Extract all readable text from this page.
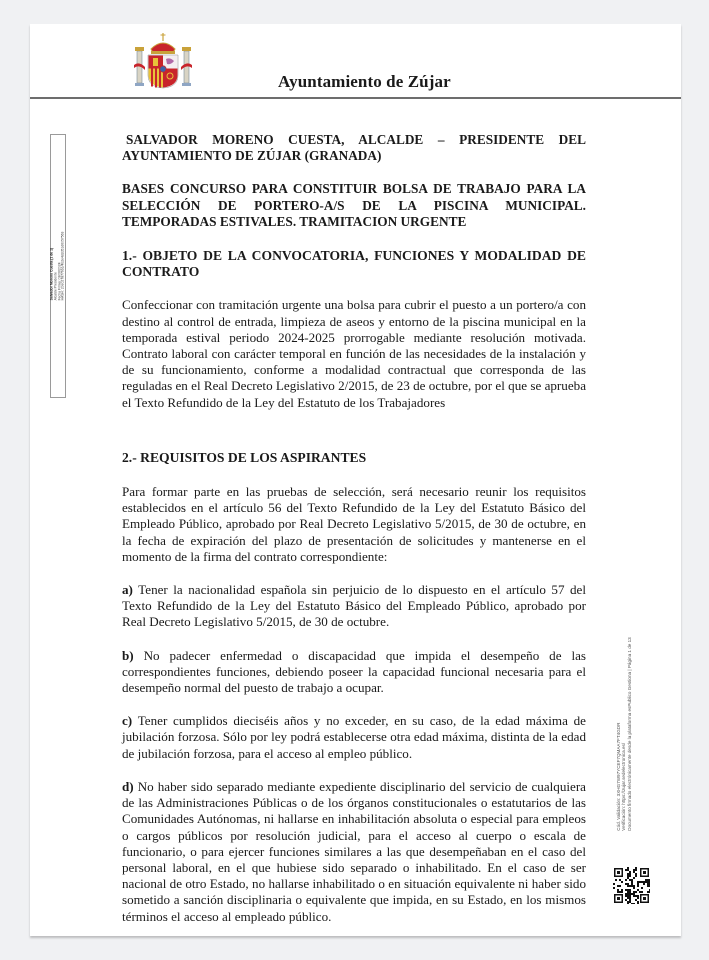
Ayuntamiento de Zújar
Salvador Moreno Cuesta (1 de 1)
Alcalde Presidente
Fecha Firma: 03/06/2024
HASH: 20e0278776b1/4b2e4d2d51d6057563

SALVADOR MORENO CUESTA, ALCALDE – PRESIDENTE DEL AYUNTAMIENTO DE ZÚJAR (GRANADA)

BASES CONCURSO PARA CONSTITUIR BOLSA DE TRABAJO PARA LA SELECCIÓN DE PORTERO-A/S DE LA PISCINA MUNICIPAL. TEMPORADAS ESTIVALES. TRAMITACION URGENTE

1.- OBJETO DE LA CONVOCATORIA, FUNCIONES Y MODALIDAD DE CONTRATO

Confeccionar con tramitación urgente una bolsa para cubrir el puesto a un portero/a con destino al control de entrada, limpieza de aseos y entorno de la piscina municipal en la temporada estival periodo 2024-2025 prorrogable mediante resolución motivada. Contrato laboral con carácter temporal en función de las necesidades de la instalación y de su funcionamiento, conforme a modalidad contractual que corresponda de las reguladas en el Real Decreto Legislativo 2/2015, de 23 de octubre, por el que se aprueba el Texto Refundido de la Ley del Estatuto de los Trabajadores

2.- REQUISITOS DE LOS ASPIRANTES

Para formar parte en las pruebas de selección, será necesario reunir los requisitos establecidos en el artículo 56 del Texto Refundido de la Ley del Estatuto Básico del Empleado Público, aprobado por Real Decreto Legislativo 5/2015, de 30 de octubre, en la fecha de expiración del plazo de presentación de solicitudes y mantenerse en el momento de la firma del contrato correspondiente:

a) Tener la nacionalidad española sin perjuicio de lo dispuesto en el artículo 57 del Texto Refundido de la Ley del Estatuto Básico del Empleado Público, aprobado por Real Decreto Legislativo 5/2015, de 30 de octubre.

b) No padecer enfermedad o discapacidad que impida el desempeño de las correspondientes funciones, debiendo poseer la capacidad funcional necesaria para el desempeño normal del puesto de trabajo a ocupar.

c) Tener cumplidos dieciséis años y no exceder, en su caso, de la edad máxima de jubilación forzosa. Sólo por ley podrá establecerse otra edad máxima, distinta de la edad de jubilación forzosa, para el acceso al empleo público.

d) No haber sido separado mediante expediente disciplinario del servicio de cualquiera de las Administraciones Públicas o de los órganos constitucionales o estatutarios de las Comunidades Autónomas, ni hallarse en inhabilitación absoluta o especial para empleos o cargos públicos por resolución judicial, para el acceso al cuerpo o escala de funcionario, o para ejercer funciones similares a las que desempeñaban en el caso del personal laboral, en el que hubiese sido separado o inhabilitado. En el caso de ser nacional de otro Estado, no hallarse inhabilitado o en situación equivalente ni haber sido sometido a sanción disciplinaria o equivalente que impida, en su Estado, en los mismos términos el acceso al empleado público.

Cód. Validación: 3XHG7W97YCEF7QMAA7FT4GDR
Verificación: https://zujar.sedelectronica.es/
Documento firmado electrónicamente desde la plataforma esPublico Gestiona | Página 1 de 13
